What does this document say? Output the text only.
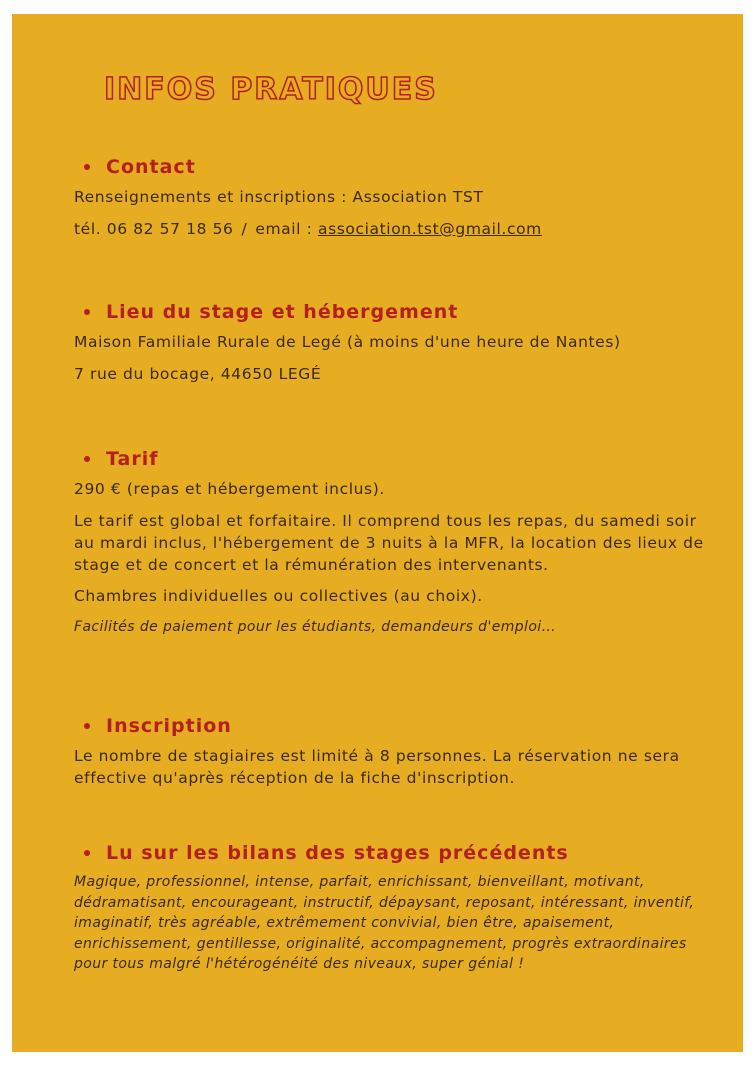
INFOS PRATIQUES
Contact

Renseignements et inscriptions : Association TST

tél. 06 82 57 18 56 / email : association.tst@gmail.com

Lieu du stage et hébergement

Maison Familiale Rurale de Legé (à moins d'une heure de Nantes)

7 rue du bocage, 44650 LEGÉ

Tarif

290 € (repas et hébergement inclus).

Le tarif est global et forfaitaire. Il comprend tous les repas, du samedi soir au mardi inclus, l'hébergement de 3 nuits à la MFR, la location des lieux de stage et de concert et la rémunération des intervenants.

Chambres individuelles ou collectives (au choix).

Facilités de paiement pour les étudiants, demandeurs d'emploi…

Inscription

Le nombre de stagiaires est limité à 8 personnes. La réservation ne sera effective qu'après réception de la fiche d'inscription.

Lu sur les bilans des stages précédents

Magique, professionnel, intense, parfait, enrichissant, bienveillant, motivant, dédramatisant, encourageant, instructif, dépaysant, reposant, intéressant, inventif, imaginatif, très agréable, extrêmement convivial, bien être, apaisement, enrichissement, gentillesse, originalité, accompagnement, progrès extraordinaires pour tous malgré l'hétérogénéité des niveaux, super génial !
